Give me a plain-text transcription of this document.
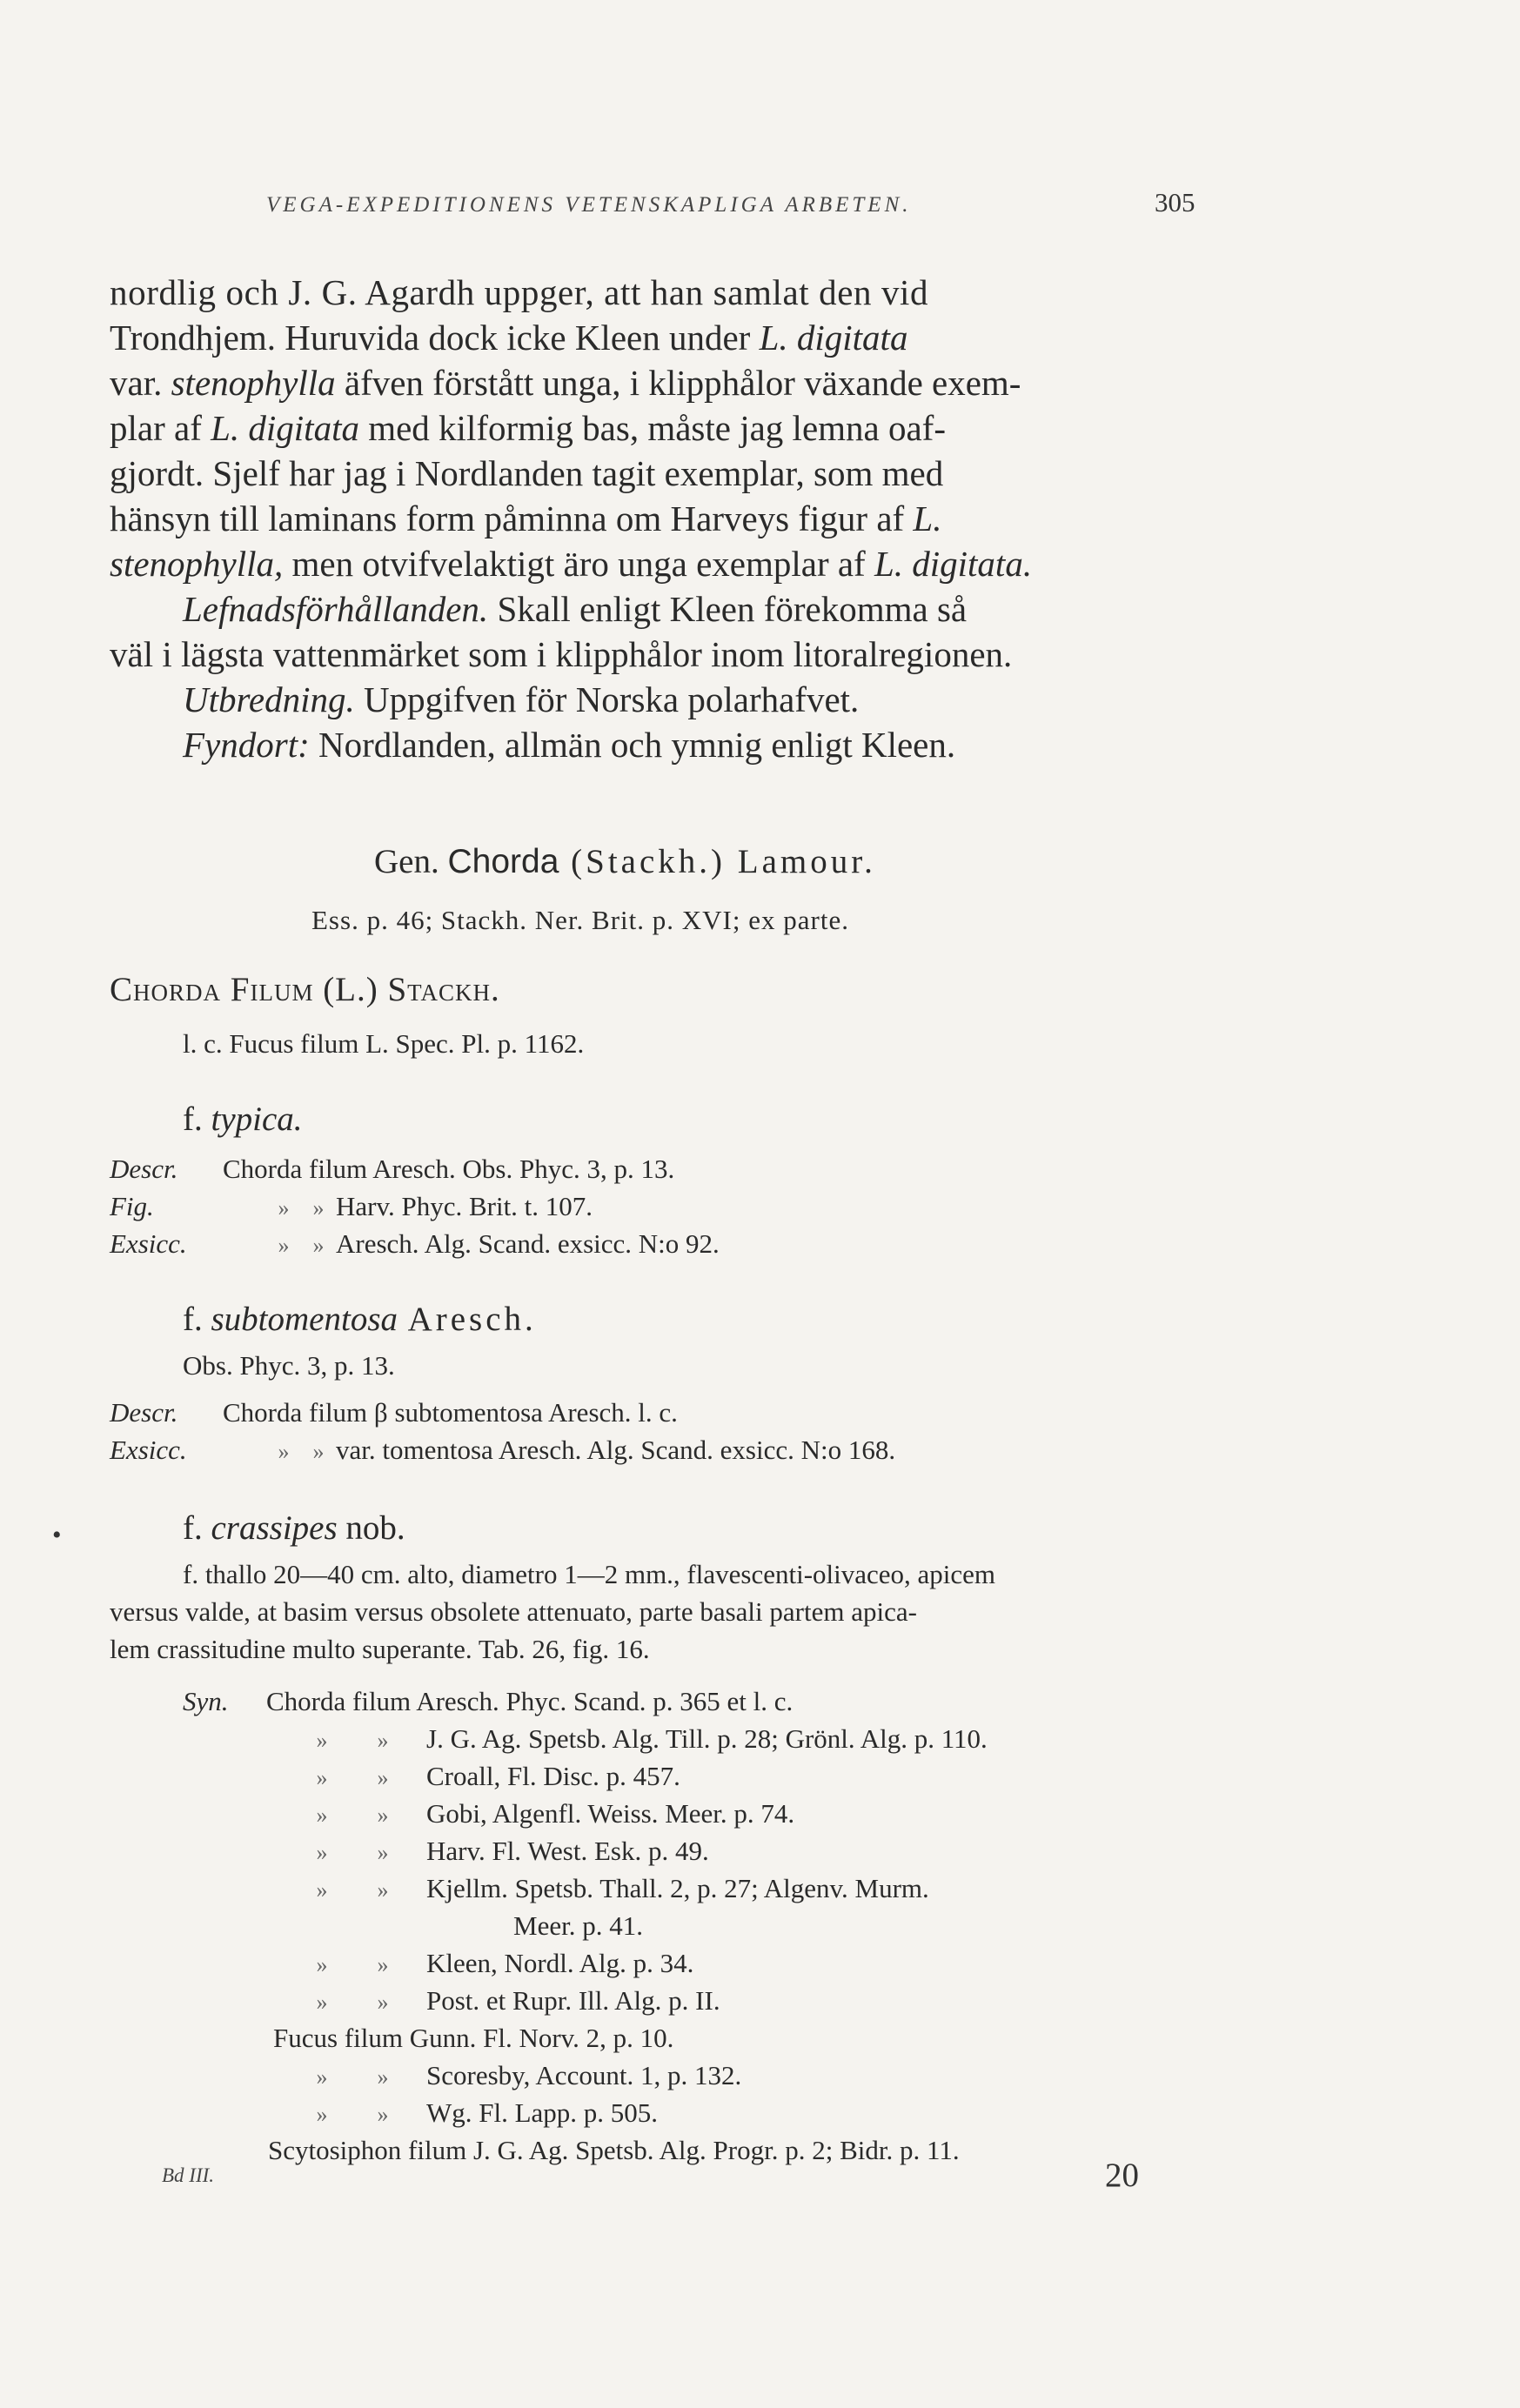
VEGA-EXPEDITIONENS VETENSKAPLIGA ARBETEN.	305
nordlig och J. G. Agardh uppger, att han samlat den vid
Trondhjem. Huruvida dock icke Kleen under L. digitata
var. stenophylla äfven förstått unga, i klipphålor växande exem-
plar af L. digitata med kilformig bas, måste jag lemna oaf-
gjordt. Sjelf har jag i Nordlanden tagit exemplar, som med
hänsyn till laminans form påminna om Harveys figur af L.
stenophylla, men otvifvelaktigt äro unga exemplar af L. digitata.
Lefnadsförhållanden. Skall enligt Kleen förekomma så
väl i lägsta vattenmärket som i klipphålor inom litoralregionen.
Utbredning. Uppgifven för Norska polarhafvet.
Fyndort: Nordlanden, allmän och ymnig enligt Kleen.
Gen. Chorda (Stackh.) Lamour.
Ess. p. 46; Stackh. Ner. Brit. p. XVI; ex parte.
Chorda Filum (L.) Stackh.
l. c. Fucus filum L. Spec. Pl. p. 1162.
f. typica.
Descr. Chorda filum Aresch. Obs. Phyc. 3, p. 13.
Fig.	» » Harv. Phyc. Brit. t. 107.
Exsicc.	» » Aresch. Alg. Scand. exsicc. N:o 92.
f. subtomentosa Aresch.
Obs. Phyc. 3, p. 13.
Descr. Chorda filum β subtomentosa Aresch. l. c.
Exsicc.	» » var. tomentosa Aresch. Alg. Scand. exsicc. N:o 168.
•	f. crassipes nob.
f. thallo 20—40 cm. alto, diametro 1—2 mm., flavescenti-olivaceo, apicem
versus valde, at basim versus obsolete attenuato, parte basali partem apica-
lem crassitudine multo superante. Tab. 26, fig. 16.
Syn. Chorda filum Aresch. Phyc. Scand. p. 365 et l. c.
» » J. G. Ag. Spetsb. Alg. Till. p. 28; Grönl. Alg. p. 110.
» » Croall, Fl. Disc. p. 457.
» » Gobi, Algenfl. Weiss. Meer. p. 74.
» » Harv. Fl. West. Esk. p. 49.
» » Kjellm. Spetsb. Thall. 2, p. 27; Algenv. Murm.
Meer. p. 41.
» » Kleen, Nordl. Alg. p. 34.
» » Post. et Rupr. Ill. Alg. p. II.
Fucus filum Gunn. Fl. Norv. 2, p. 10.
» » Scoresby, Account. 1, p. 132.
» » Wg. Fl. Lapp. p. 505.
Scytosiphon filum J. G. Ag. Spetsb. Alg. Progr. p. 2; Bidr. p. 11.
Bd III.	20
